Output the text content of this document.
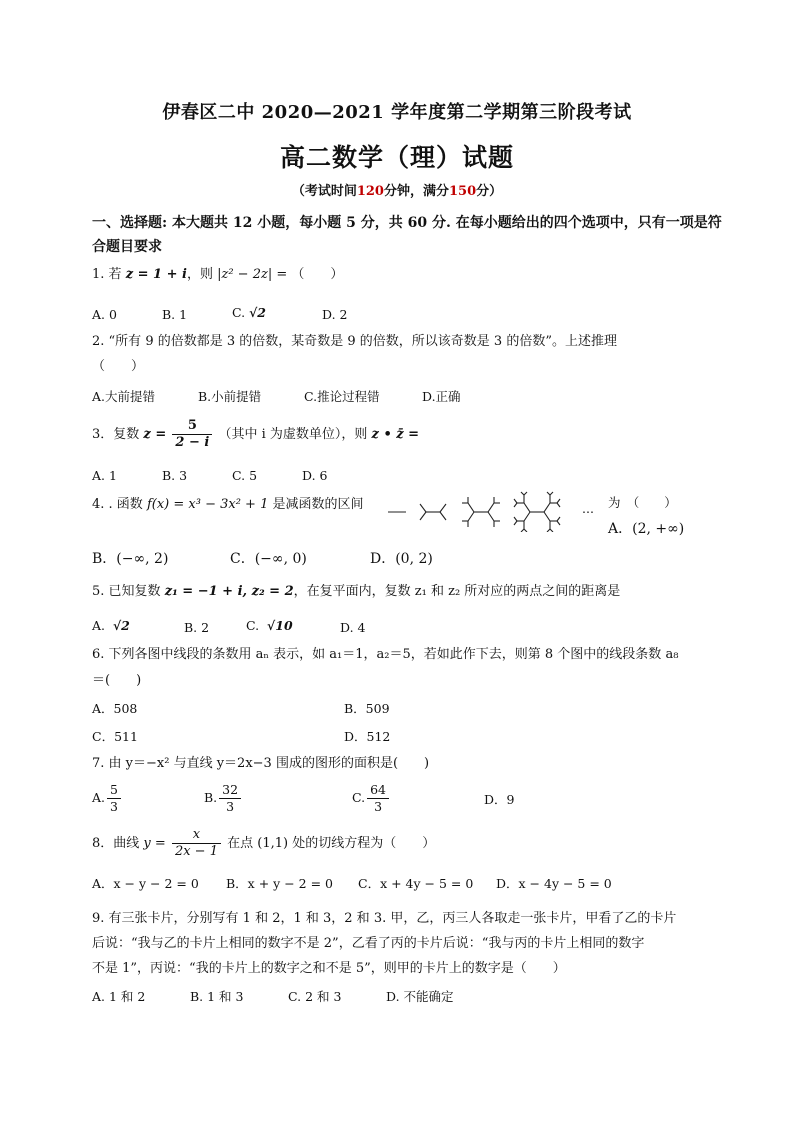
伊春区二中 2020—2021 学年度第二学期第三阶段考试
高二数学（理）试题
（考试时间120分钟，满分150分）
一、选择题: 本大题共 12 小题，每小题 5 分，共 60 分. 在每小题给出的四个选项中，只有一项是符
合题目要求
1. 若 z = 1 + i，则 |z² − 2z| = （　　）
A. 0	B. 1	C. √2	D. 2
2. “所有 9 的倍数都是 3 的倍数，某奇数是 9 的倍数，所以该奇数是 3 的倍数”。上述推理
（　　）
A.大前提错	B.小前提错	C.推论过程错	D.正确
3．复数 $z = \frac{5}{2 - i}$ （其中 i 为虚数单位），则 z • z̄ =
A. 1	B. 3	C. 5	D. 6
4. . 函数 f(x) = x³ − 3x² + 1 是减函数的区间	... 为　（　　）
A．(2, +∞)
B．(−∞, 2)	C．(−∞, 0)	D．(0, 2)
5. 已知复数 z₁ = −1 + i, z₂ = 2，在复平面内，复数 z₁ 和 z₂ 所对应的两点之间的距离是
A. √2	B. 2	C. √10	D. 4
6. 下列各图中线段的条数用 aₙ 表示，如 a₁＝1，a₂＝5，若如此作下去，则第 8 个图中的线段条数 a₈
＝(　　)
A．508	B．509
C．511	D．512
7. 由 y＝−x² 与直线 y＝2x−3 围成的图形的面积是(　　)
A. $\frac{5}{3}$	B. $\frac{32}{3}$	C. $\frac{64}{3}$	D．9
8．曲线 $y = \frac{x}{2x - 1}$ 在点 (1,1) 处的切线方程为（　　）
A．x − y − 2 = 0 B．x + y − 2 = 0 C．x + 4y − 5 = 0 D．x − 4y − 5 = 0
9. 有三张卡片，分别写有 1 和 2，1 和 3，2 和 3. 甲，乙，丙三人各取走一张卡片，甲看了乙的卡片
后说：“我与乙的卡片上相同的数字不是 2”，乙看了丙的卡片后说：“我与丙的卡片上相同的数字
不是 1”，丙说：“我的卡片上的数字之和不是 5”，则甲的卡片上的数字是（　　）
A. 1 和 2	B. 1 和 3	C. 2 和 3	D. 不能确定
